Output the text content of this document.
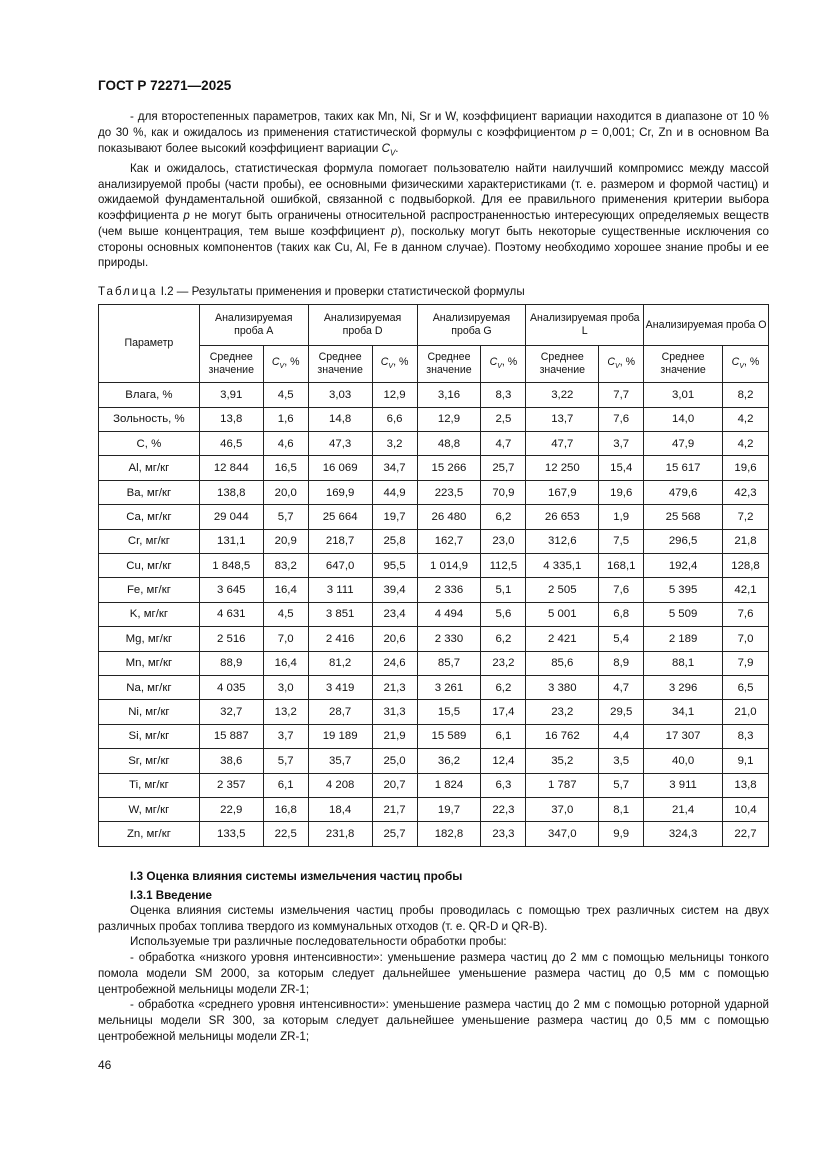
ГОСТ Р 72271—2025

- для второстепенных параметров, таких как Mn, Ni, Sr и W, коэффициент вариации находится в диапазоне от 10 % до 30 %, как и ожидалось из применения статистической формулы с коэффициентом p = 0,001; Cr, Zn и в основном Ba показывают более высокий коэффициент вариации $C_V$.

Как и ожидалось, статистическая формула помогает пользователю найти наилучший компромисс между массой анализируемой пробы (части пробы), ее основными физическими характеристиками (т. е. размером и формой частиц) и ожидаемой фундаментальной ошибкой, связанной с подвыборкой. Для ее правильного применения критерии выбора коэффициента p не могут быть ограничены относительной распространенностью интересующих определяемых веществ (чем выше концентрация, тем выше коэффициент p), поскольку могут быть некоторые существенные исключения со стороны основных компонентов (таких как Cu, Al, Fe в данном случае). Поэтому необходимо хорошее знание пробы и ее природы.

Таблица I.2 — Результаты применения и проверки статистической формулы
Параметр	Анализируемая проба A		Анализируемая проба D		Анализируемая проба G		Анализируемая проба L		Анализируемая проба O	
	Среднее значение	$C_V$, %	Среднее значение	$C_V$, %	Среднее значение	$C_V$, %	Среднее значение	$C_V$, %	Среднее значение	$C_V$, %
Влага, %	3,91	4,5	3,03	12,9	3,16	8,3	3,22	7,7	3,01	8,2
Зольность, %	13,8	1,6	14,8	6,6	12,9	2,5	13,7	7,6	14,0	4,2
C, %	46,5	4,6	47,3	3,2	48,8	4,7	47,7	3,7	47,9	4,2
Al, мг/кг	12 844	16,5	16 069	34,7	15 266	25,7	12 250	15,4	15 617	19,6
Ba, мг/кг	138,8	20,0	169,9	44,9	223,5	70,9	167,9	19,6	479,6	42,3
Ca, мг/кг	29 044	5,7	25 664	19,7	26 480	6,2	26 653	1,9	25 568	7,2
Cr, мг/кг	131,1	20,9	218,7	25,8	162,7	23,0	312,6	7,5	296,5	21,8
Cu, мг/кг	1 848,5	83,2	647,0	95,5	1 014,9	112,5	4 335,1	168,1	192,4	128,8
Fe, мг/кг	3 645	16,4	3 111	39,4	2 336	5,1	2 505	7,6	5 395	42,1
K, мг/кг	4 631	4,5	3 851	23,4	4 494	5,6	5 001	6,8	5 509	7,6
Mg, мг/кг	2 516	7,0	2 416	20,6	2 330	6,2	2 421	5,4	2 189	7,0
Mn, мг/кг	88,9	16,4	81,2	24,6	85,7	23,2	85,6	8,9	88,1	7,9
Na, мг/кг	4 035	3,0	3 419	21,3	3 261	6,2	3 380	4,7	3 296	6,5
Ni, мг/кг	32,7	13,2	28,7	31,3	15,5	17,4	23,2	29,5	34,1	21,0
Si, мг/кг	15 887	3,7	19 189	21,9	15 589	6,1	16 762	4,4	17 307	8,3
Sr, мг/кг	38,6	5,7	35,7	25,0	36,2	12,4	35,2	3,5	40,0	9,1
Ti, мг/кг	2 357	6,1	4 208	20,7	1 824	6,3	1 787	5,7	3 911	13,8
W, мг/кг	22,9	16,8	18,4	21,7	19,7	22,3	37,0	8,1	21,4	10,4
Zn, мг/кг	133,5	22,5	231,8	25,7	182,8	23,3	347,0	9,9	324,3	22,7
I.3 Оценка влияния системы измельчения частиц пробы
I.3.1 Введение

Оценка влияния системы измельчения частиц пробы проводилась с помощью трех различных систем на двух различных пробах топлива твердого из коммунальных отходов (т. е. QR-D и QR-B).

Используемые три различные последовательности обработки пробы:

- обработка «низкого уровня интенсивности»: уменьшение размера частиц до 2 мм с помощью мельницы тонкого помола модели SM 2000, за которым следует дальнейшее уменьшение размера частиц до 0,5 мм с помощью центробежной мельницы модели ZR-1;

- обработка «среднего уровня интенсивности»: уменьшение размера частиц до 2 мм с помощью роторной ударной мельницы модели SR 300, за которым следует дальнейшее уменьшение размера частиц до 0,5 мм с помощью центробежной мельницы модели ZR-1;

46
